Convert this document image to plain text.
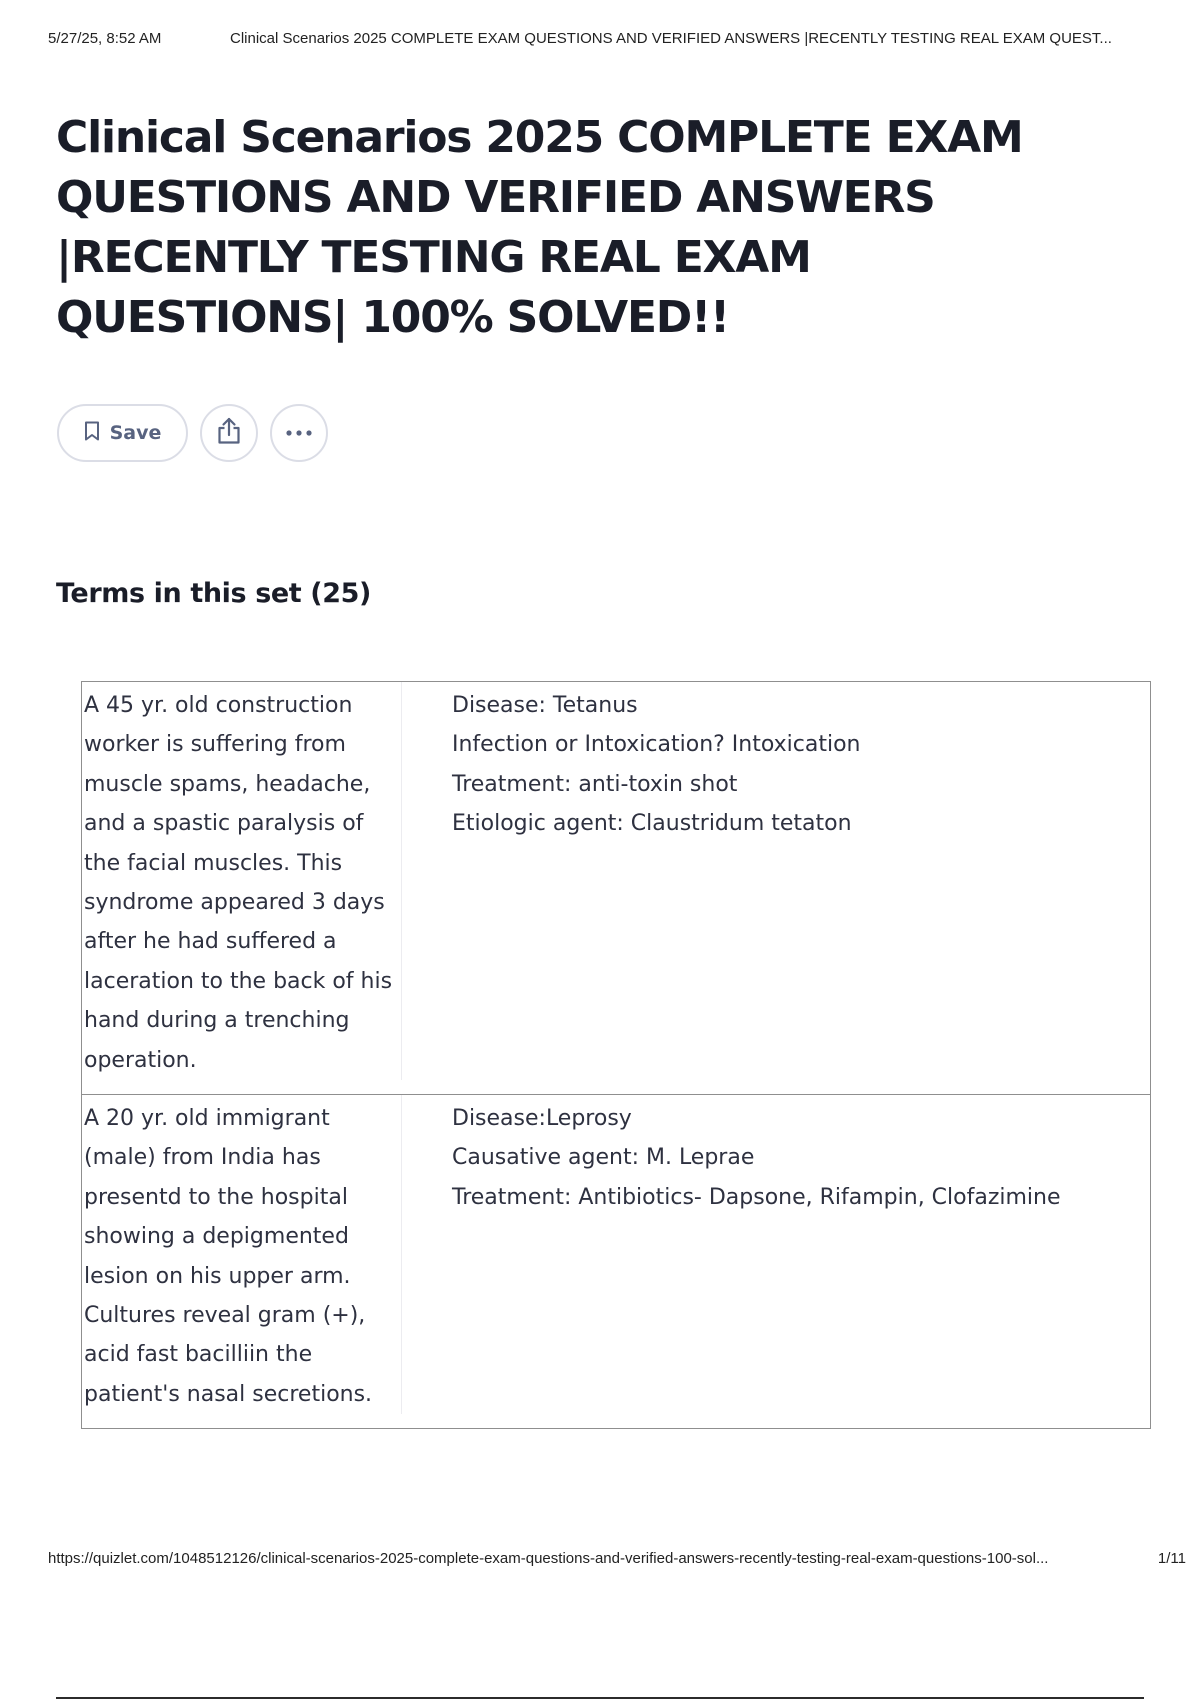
5/27/25, 8:52 AM	Clinical Scenarios 2025 COMPLETE EXAM QUESTIONS AND VERIFIED ANSWERS |RECENTLY TESTING REAL EXAM QUEST...
Clinical Scenarios 2025 COMPLETE EXAM QUESTIONS AND VERIFIED ANSWERS |RECENTLY TESTING REAL EXAM QUESTIONS| 100% SOLVED!!
Save
Terms in this set (25)
A 45 yr. old construction worker is suffering from muscle spams, headache, and a spastic paralysis of the facial muscles. This syndrome appeared 3 days after he had suffered a laceration to the back of his hand during a trenching operation.
Disease: Tetanus
Infection or Intoxication? Intoxication
Treatment: anti-toxin shot
Etiologic agent: Claustridum tetaton
A 20 yr. old immigrant (male) from India has presentd to the hospital showing a depigmented lesion on his upper arm. Cultures reveal gram (+), acid fast bacilliin the patient's nasal secretions.
Disease:Leprosy
Causative agent: M. Leprae
Treatment: Antibiotics- Dapsone, Rifampin, Clofazimine
https://quizlet.com/1048512126/clinical-scenarios-2025-complete-exam-questions-and-verified-answers-recently-testing-real-exam-questions-100-sol...	1/11
